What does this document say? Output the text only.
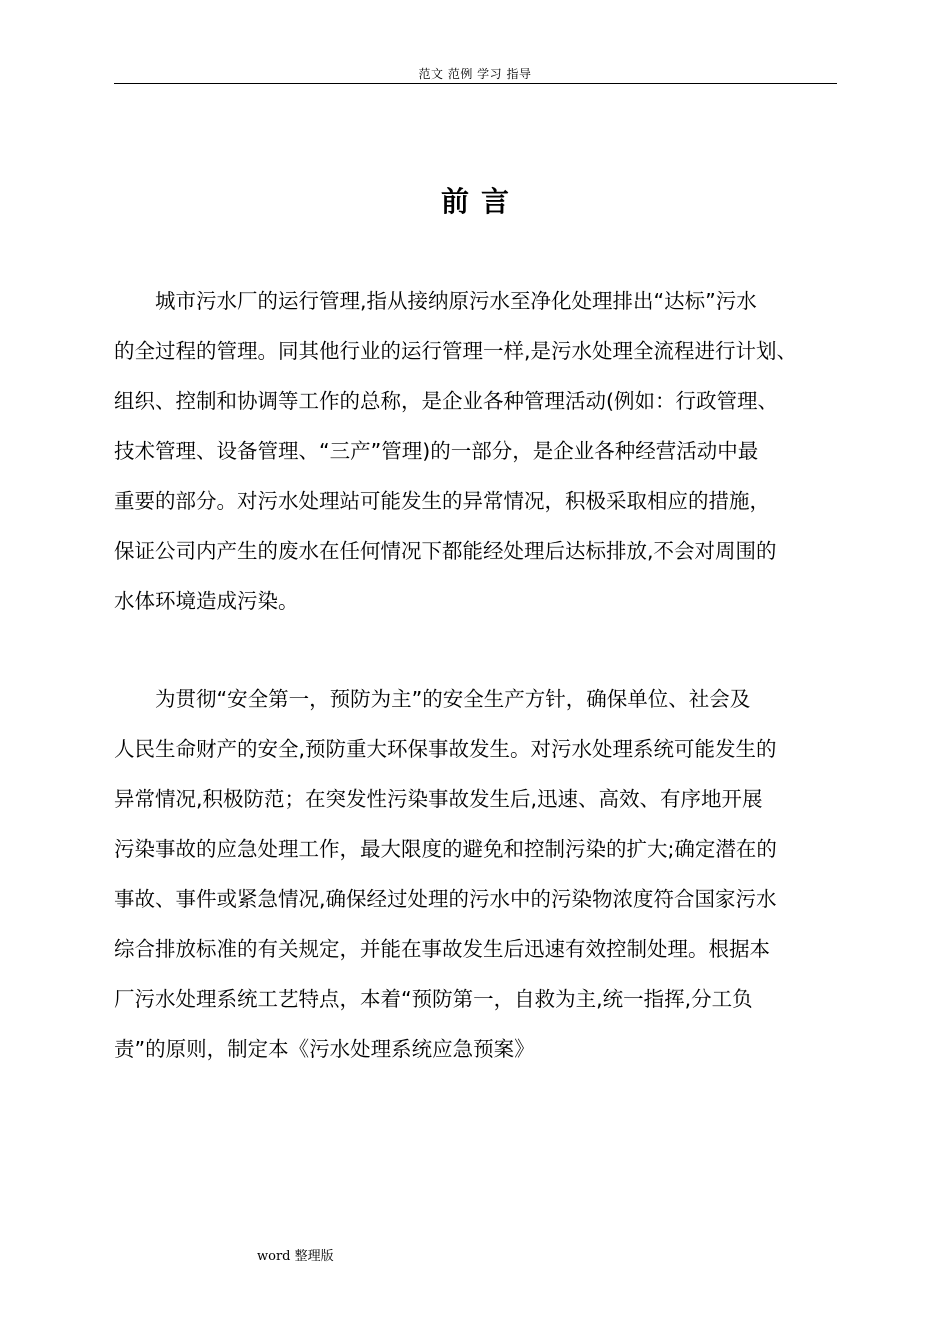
范文 范例 学习 指导
前言
城市污水厂的运行管理,指从接纳原污水至净化处理排出“达标”污水
的全过程的管理。同其他行业的运行管理一样,是污水处理全流程进行计划、
组织、控制和协调等工作的总称，是企业各种管理活动(例如：行政管理、
技术管理、设备管理、“三产”管理)的一部分，是企业各种经营活动中最
重要的部分。对污水处理站可能发生的异常情况，积极采取相应的措施，
保证公司内产生的废水在任何情况下都能经处理后达标排放,不会对周围的
水体环境造成污染。
为贯彻“安全第一，预防为主”的安全生产方针，确保单位、社会及
人民生命财产的安全,预防重大环保事故发生。对污水处理系统可能发生的
异常情况,积极防范；在突发性污染事故发生后,迅速、高效、有序地开展
污染事故的应急处理工作，最大限度的避免和控制污染的扩大;确定潜在的
事故、事件或紧急情况,确保经过处理的污水中的污染物浓度符合国家污水
综合排放标准的有关规定，并能在事故发生后迅速有效控制处理。根据本
厂污水处理系统工艺特点，本着“预防第一，自救为主,统一指挥,分工负
责”的原则，制定本《污水处理系统应急预案》
word 整理版
